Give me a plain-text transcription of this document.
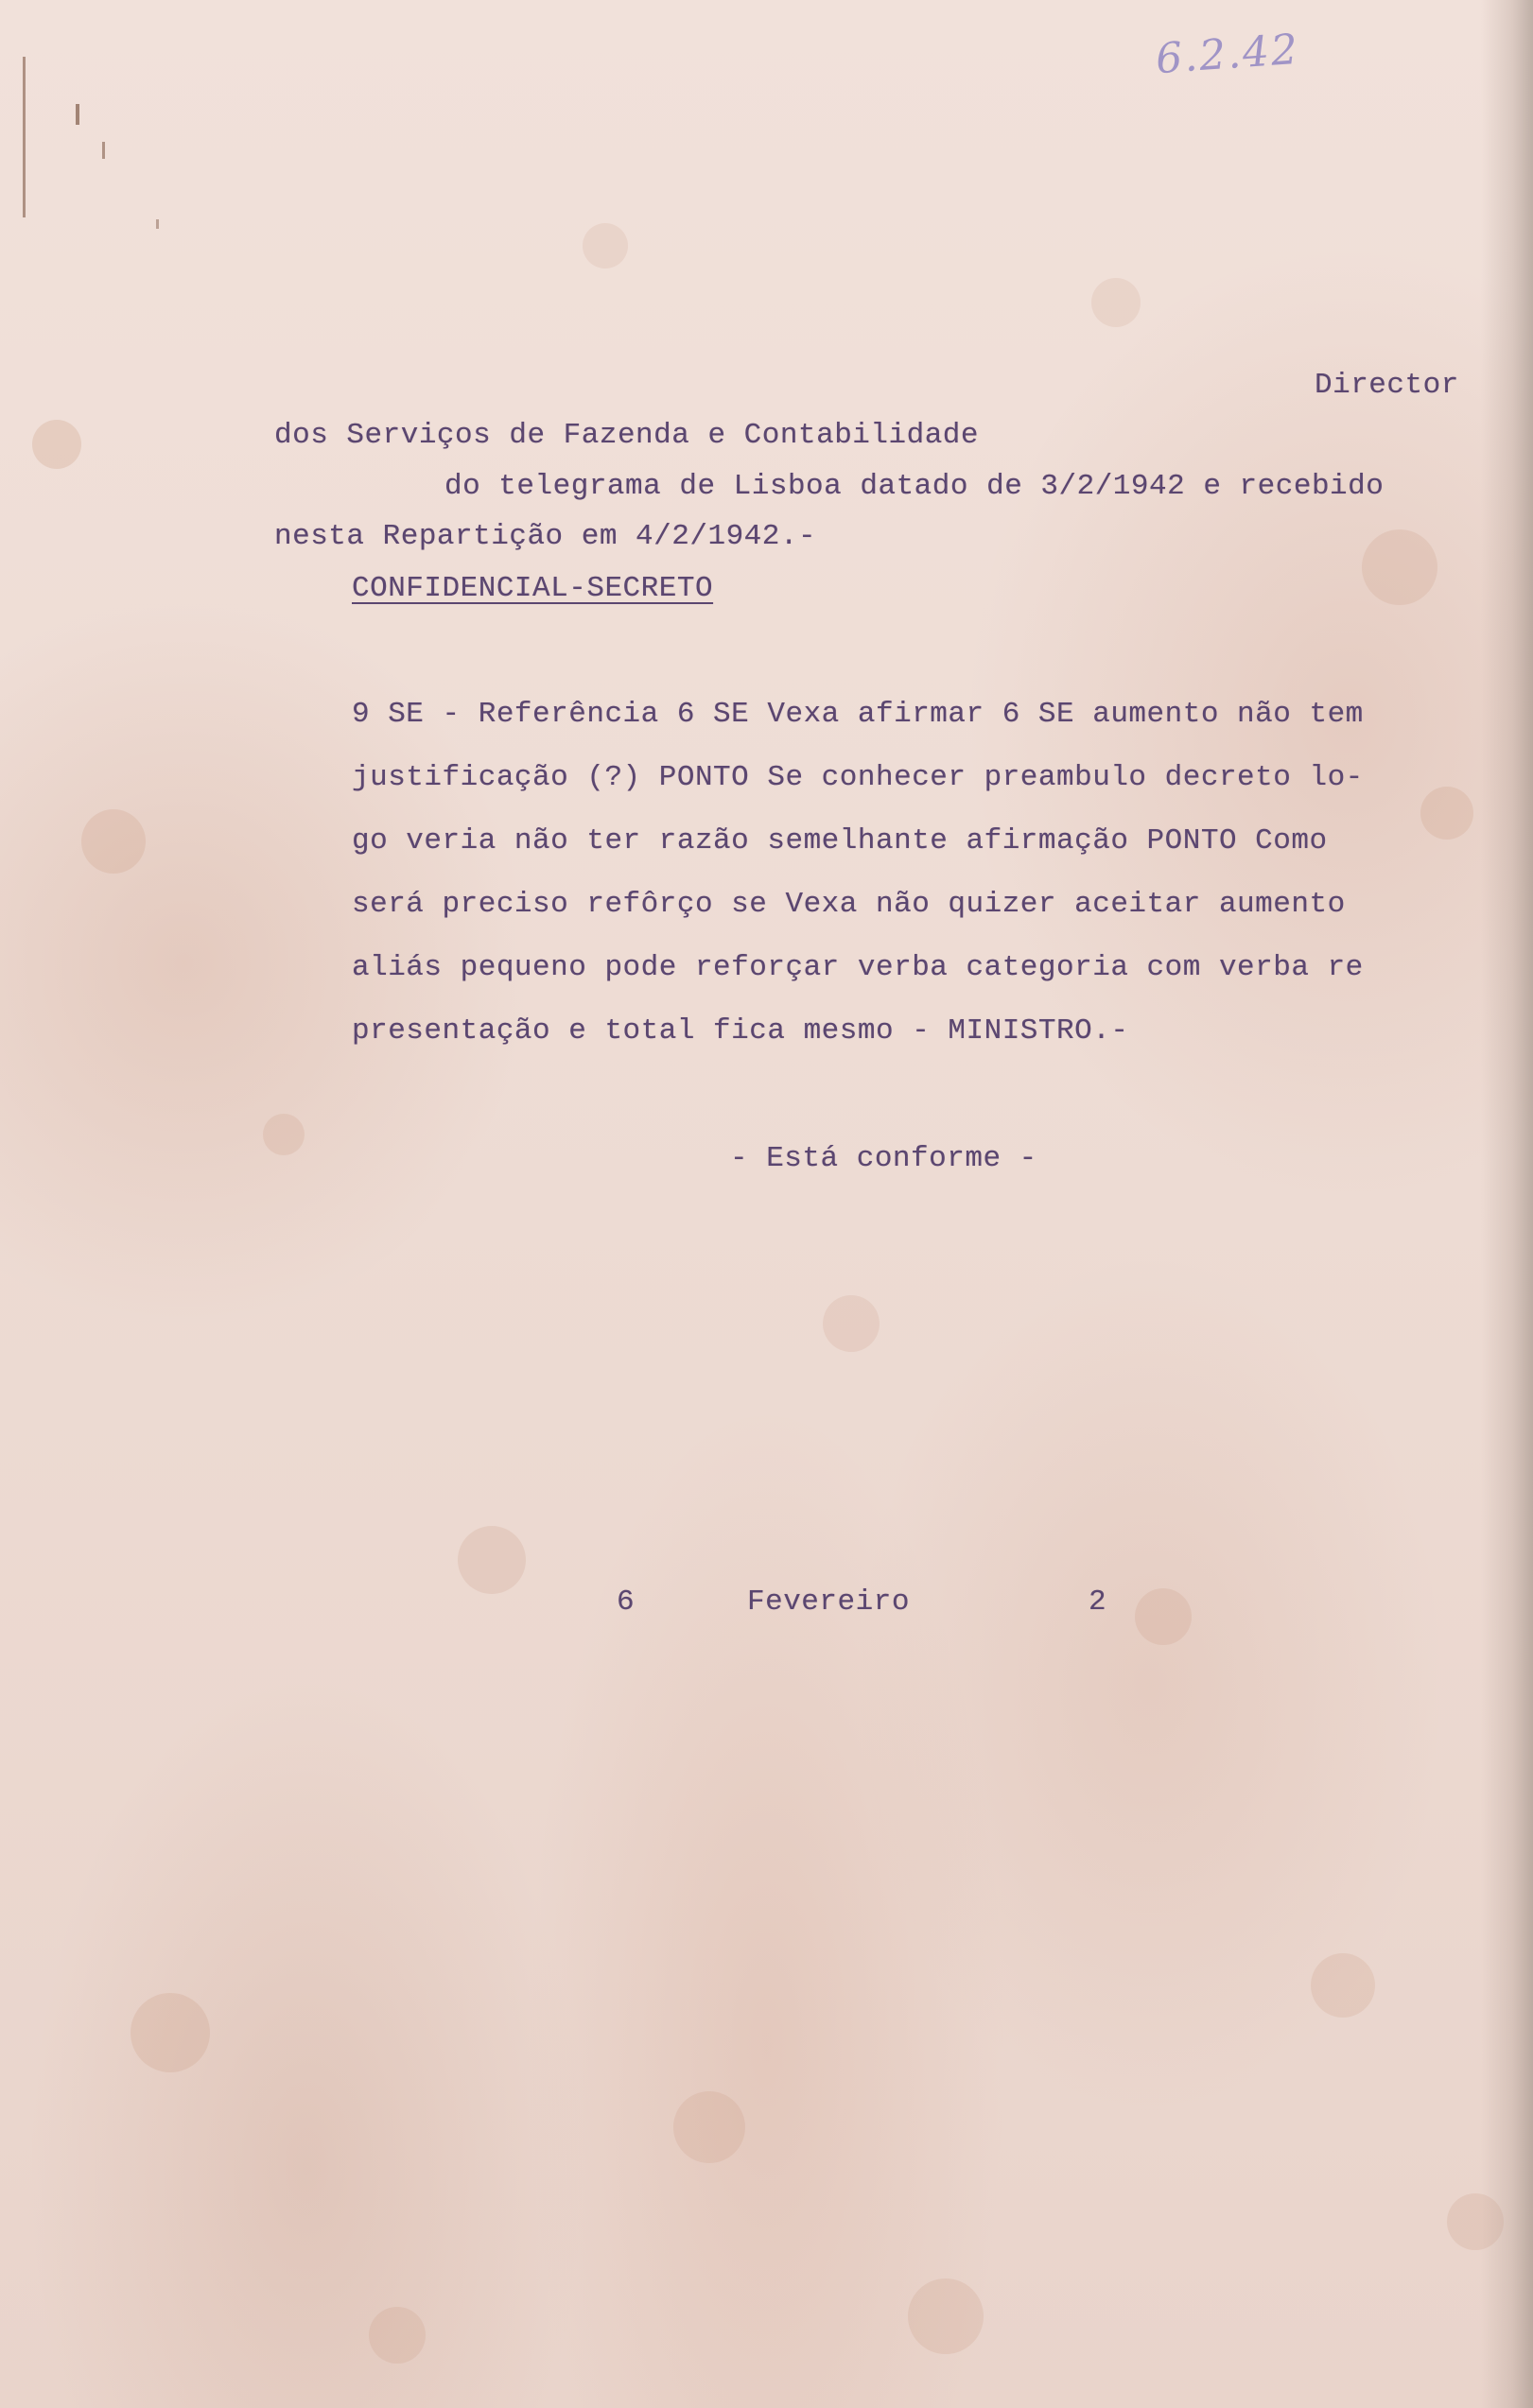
6.2.42
Director
dos Serviços de Fazenda e Contabilidade
do telegrama de Lisboa datado de 3/2/1942 e recebido
nesta Repartição em 4/2/1942.-
CONFIDENCIAL-SECRETO
9 SE - Referência 6 SE Vexa afirmar 6 SE aumento não tem
justificação (?) PONTO Se conhecer preambulo decreto lo-
go veria não ter razão semelhante afirmação PONTO Como
será preciso refôrço se Vexa não quizer aceitar aumento
aliás pequeno pode reforçar verba categoria com verba re
presentação e total fica mesmo - MINISTRO.-
- Está conforme -
6	Fevereiro	2
